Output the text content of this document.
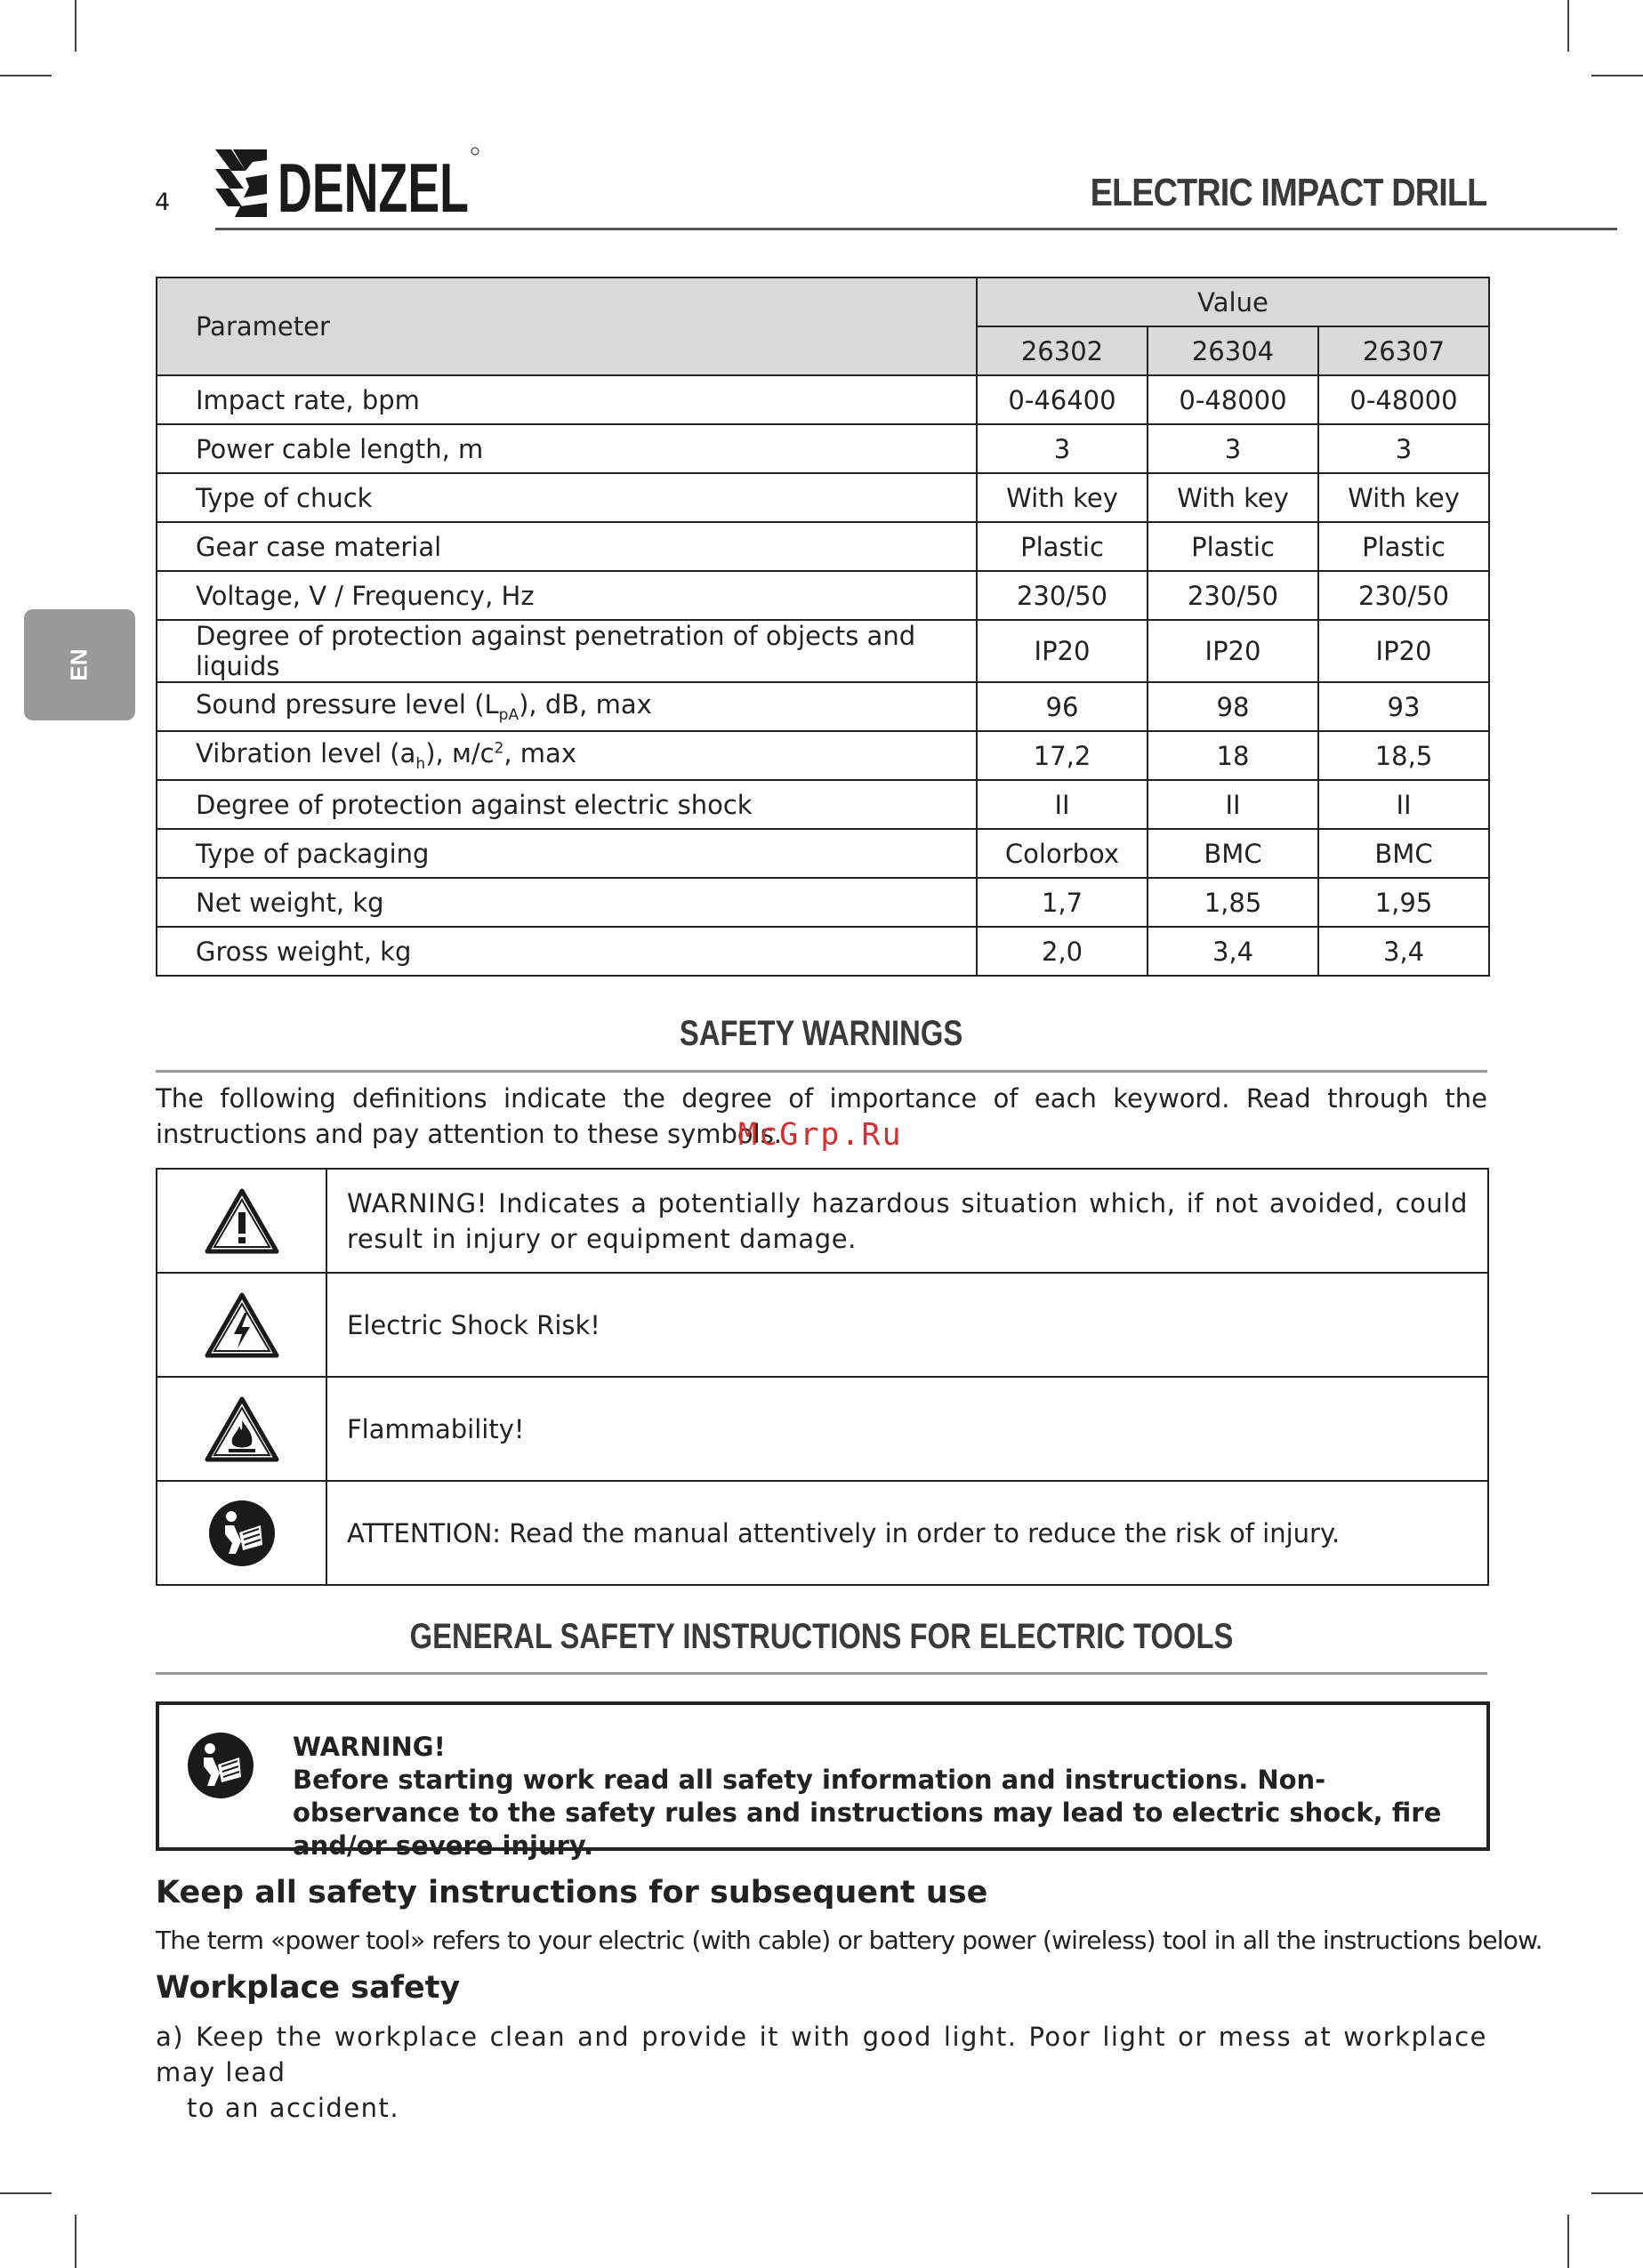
4 DENZEL	ELECTRIC IMPACT DRILL
EN
Parameter	Value		
	26302	26304	26307
Impact rate, bpm	0-46400	0-48000	0-48000
Power cable length, m	3	3	3
Type of chuck	With key	With key	With key
Gear case material	Plastic	Plastic	Plastic
Voltage, V / Frequency, Hz	230/50	230/50	230/50
Degree of protection against penetration of objects and liquids	IP20	IP20	IP20
Sound pressure level $(L_{pA})$, dB, max	96	98	93
Vibration level $(a_h)$, $м/с^2$, max	17,2	18	18,5
Degree of protection against electric shock	II	II	II
Type of packaging	Colorbox	BMC	BMC
Net weight, kg	1,7	1,85	1,95
Gross weight, kg	2,0	3,4	3,4
SAFETY WARNINGS
The following definitions indicate the degree of importance of each keyword. Read through the instructions and pay attention to these symbols.
McGrp.Ru
WARNING! Indicates a potentially hazardous situation which, if not avoided, could result in injury or equipment damage.
Electric Shock Risk!
Flammability!
ATTENTION: Read the manual attentively in order to reduce the risk of injury.
GENERAL SAFETY INSTRUCTIONS FOR ELECTRIC TOOLS
WARNING!
Before starting work read all safety information and instructions. Non-observance to the safety rules and instructions may lead to electric shock, fire and/or severe injury.
Keep all safety instructions for subsequent use
The term «power tool» refers to your electric (with cable) or battery power (wireless) tool in all the instructions below.
Workplace safety
a) Keep the workplace clean and provide it with good light. Poor light or mess at workplace may lead
to an accident.
